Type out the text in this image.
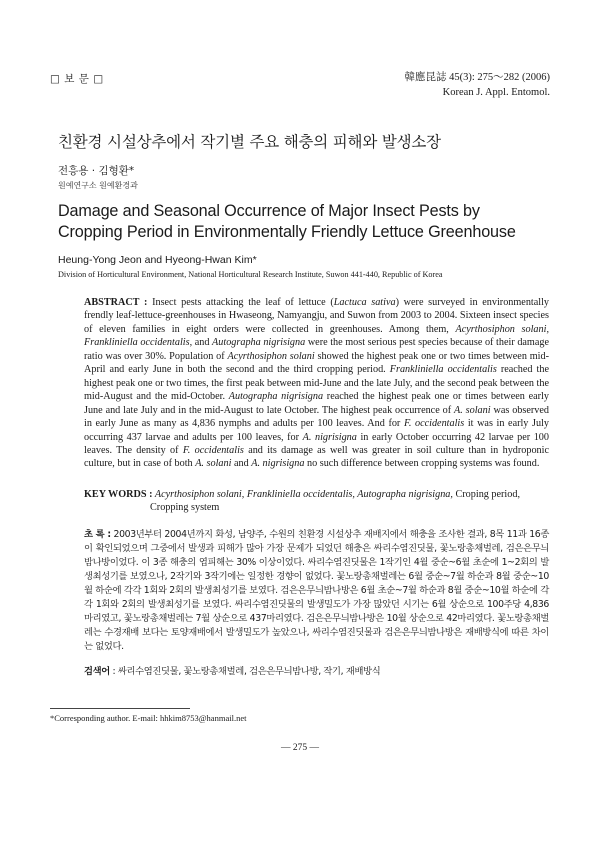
□ 보 문 □	韓應昆誌 45(3): 275～282 (2006)
Korean J. Appl. Entomol.
친환경 시설상추에서 작기별 주요 해충의 피해와 발생소장
전흥용 · 김형환*
원예연구소 원예환경과
Damage and Seasonal Occurrence of Major Insect Pests by Cropping Period in Environmentally Friendly Lettuce Greenhouse
Heung-Yong Jeon and Hyeong-Hwan Kim*
Division of Horticultural Environment, National Horticultural Research Institute, Suwon 441-440, Republic of Korea
ABSTRACT : Insect pests attacking the leaf of lettuce (Lactuca sativa) were surveyed in environmentally frendly leaf-lettuce-greenhouses in Hwaseong, Namyangju, and Suwon from 2003 to 2004. Sixteen insect species of eleven families in eight orders were collected in greenhouses. Among them, Acyrthosiphon solani, Frankliniella occidentalis, and Autographa nigrisigna were the most serious pest species because of their damage ratio was over 30%. Population of Acyrthosiphon solani showed the highest peak one or two times between mid-April and early June in both the second and the third cropping period. Frankliniella occidentalis reached the highest peak one or two times, the first peak between mid-June and the late July, and the second peak between the mid-August and the mid-October. Autographa nigrisigna reached the highest peak one or times between early June and late July and in the mid-August to late October. The highest peak occurrence of A. solani was observed in early June as many as 4,836 nymphs and adults per 100 leaves. And for F. occidentalis it was in early July occurring 437 larvae and adults per 100 leaves, for A. nigrisigna in early October occurring 42 larvae per 100 leaves. The density of F. occidentalis and its damage as well was greater in soil culture than in hydroponic culture, but in case of both A. solani and A. nigrisigna no such difference between cropping systems was found.
KEY WORDS : Acyrthosiphon solani, Frankliniella occidentalis, Autographa nigrisigna, Croping period,
Cropping system
초 록 : 2003년부터 2004년까지 화성, 남양주, 수원의 친환경 시설상추 재배지에서 해충을 조사한 결과, 8목 11과 16종이 확인되었으며 그중에서 발생과 피해가 많아 가장 문제가 되었던 해충은 싸리수염진딧물, 꽃노랑총채벌레, 검은은무늬밤나방이었다. 이 3종 해충의 엽피해는 30% 이상이었다. 싸리수염진딧물은 1작기인 4월 중순~6월 초순에 1~2회의 발생최성기를 보였으나, 2작기와 3작기에는 일정한 경향이 없었다. 꽃노랑총채벌레는 6월 중순~7월 하순과 8월 중순~10월 하순에 각각 1회와 2회의 발생최성기를 보였다. 검은은무늬밤나방은 6월 초순~7월 하순과 8월 중순~10월 하순에 각각 1회와 2회의 발생최성기를 보였다. 싸리수염진딧물의 발생밀도가 가장 많았던 시기는 6월 상순으로 100주당 4,836마리였고, 꽃노랑총채벌레는 7월 상순으로 437마리였다. 검은은무늬밤나방은 10월 상순으로 42마리였다. 꽃노랑총채벌레는 수경재배 보다는 토양재배에서 발생밀도가 높았으나, 싸리수염진딧물과 검은은무늬밤나방은 재배방식에 따른 차이는 없었다.
검색어 : 싸리수염진딧물, 꽃노랑총채벌레, 검은은무늬밤나방, 작기, 재배방식
*Corresponding author. E-mail: hhkim8753@hanmail.net
— 275 —
